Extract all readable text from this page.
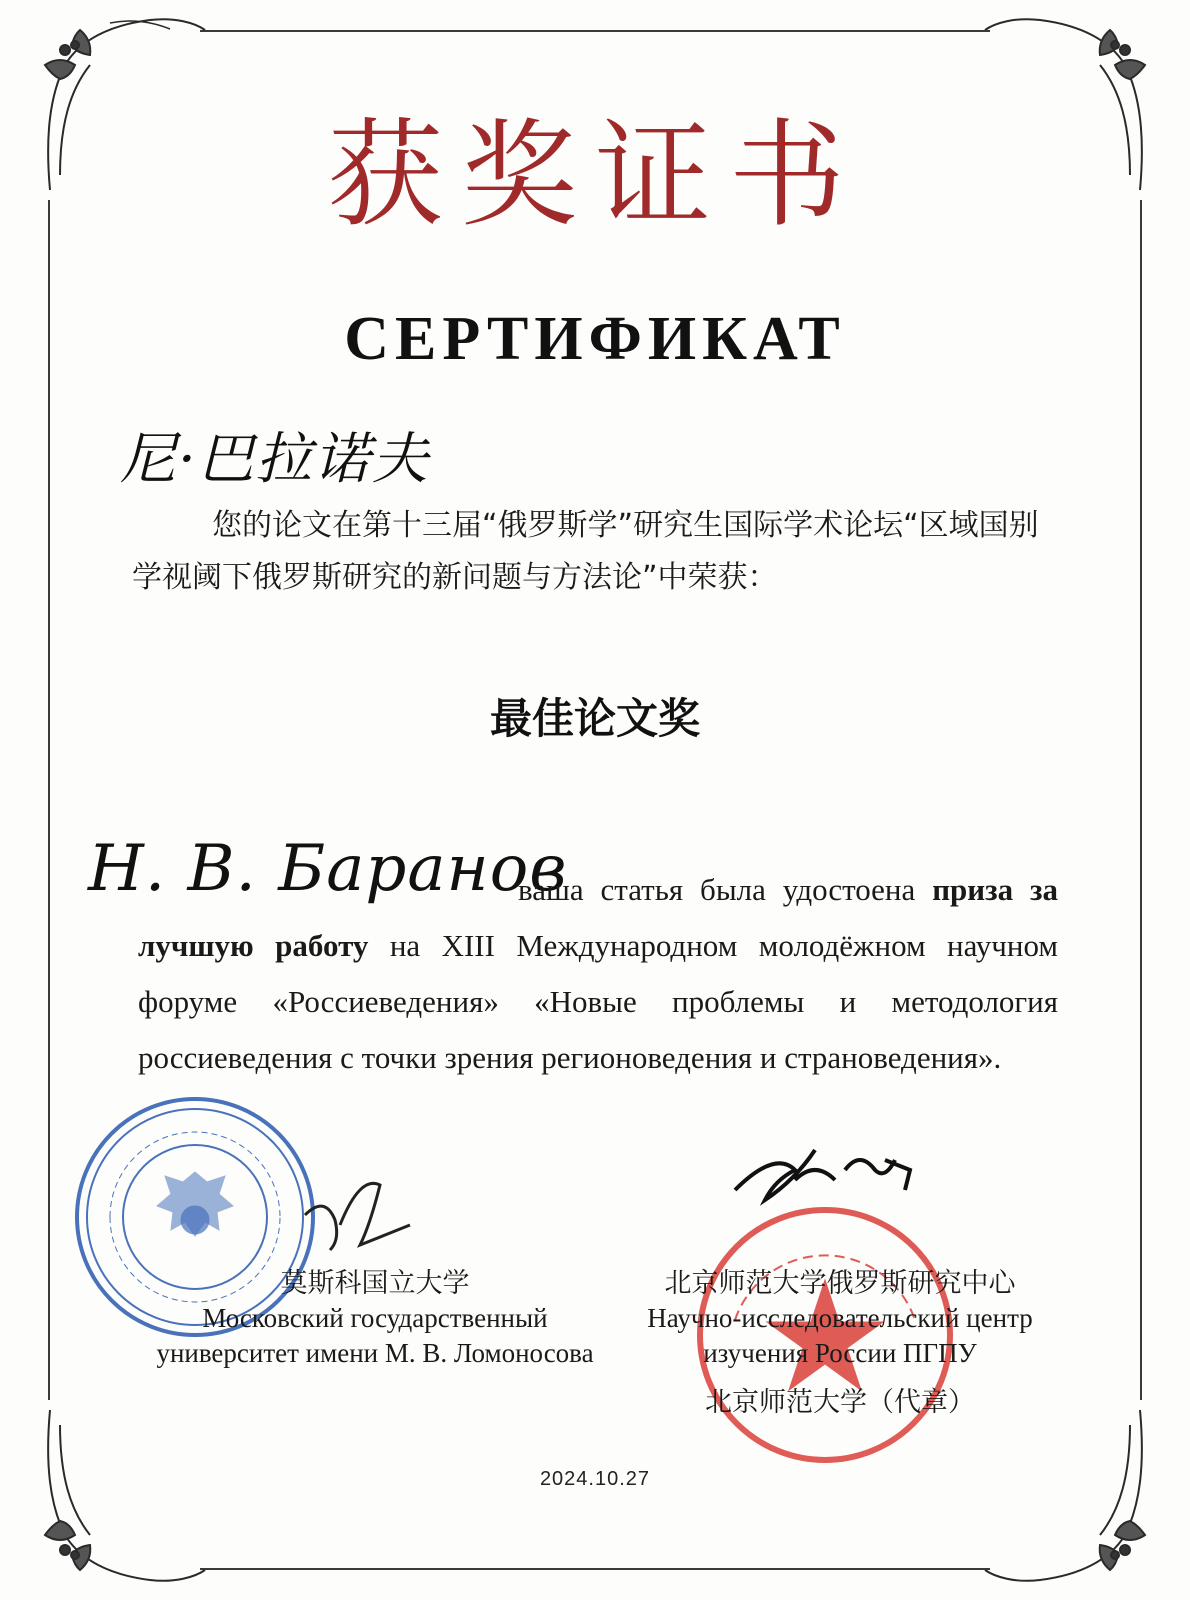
获奖证书
СЕРТИФИКАТ
尼·巴拉诺夫
您的论文在第十三届“俄罗斯学”研究生国际学术论坛“区域国别学视阈下俄罗斯研究的新问题与方法论”中荣获：
最佳论文奖
Н. В. Баранов
ваша статья была удостоена приза за лучшую работу на XIII Международном молодёжном научном форуме «Россиеведения» «Новые проблемы и методология россиеведения с точки зрения регионоведения и страноведения».
莫斯科国立大学
Московский государственный
университет имени М. В. Ломоносова
北京师范大学俄罗斯研究中心
Научно-исследовательский центр
изучения России ПГПУ
北京师范大学（代章）
2024.10.27
